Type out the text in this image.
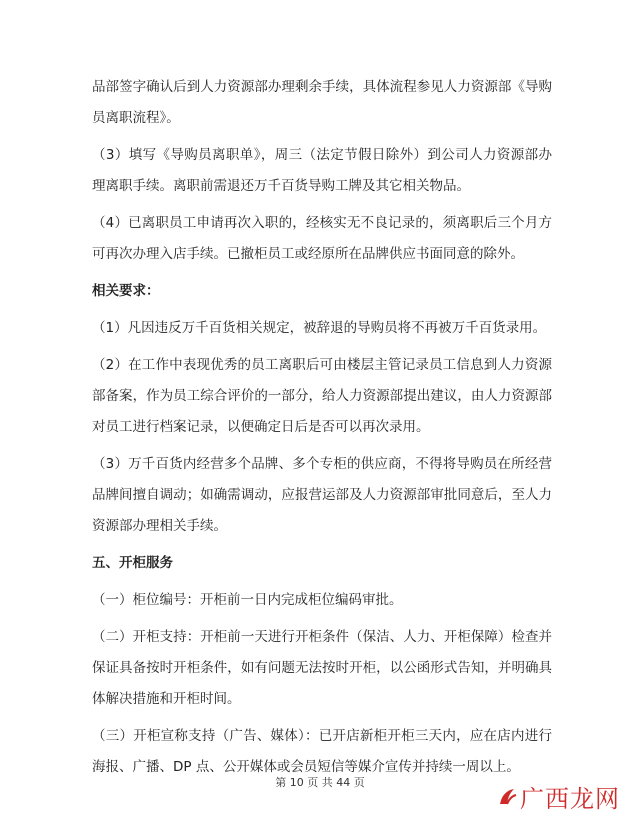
品部签字确认后到人力资源部办理剩余手续，具体流程参见人力资源部《导购员离职流程》。

（3）填写《导购员离职单》，周三（法定节假日除外）到公司人力资源部办理离职手续。离职前需退还万千百货导购工牌及其它相关物品。

（4）已离职员工申请再次入职的，经核实无不良记录的，须离职后三个月方可再次办理入店手续。已撤柜员工或经原所在品牌供应书面同意的除外。

相关要求：

（1）凡因违反万千百货相关规定，被辞退的导购员将不再被万千百货录用。

（2）在工作中表现优秀的员工离职后可由楼层主管记录员工信息到人力资源部备案，作为员工综合评价的一部分，给人力资源部提出建议，由人力资源部对员工进行档案记录，以便确定日后是否可以再次录用。

（3）万千百货内经营多个品牌、多个专柜的供应商，不得将导购员在所经营品牌间擅自调动；如确需调动，应报营运部及人力资源部审批同意后，至人力资源部办理相关手续。

五、开柜服务

（一）柜位编号：开柜前一日内完成柜位编码审批。

（二）开柜支持：开柜前一天进行开柜条件（保洁、人力、开柜保障）检查并保证具备按时开柜条件，如有问题无法按时开柜，以公函形式告知，并明确具体解决措施和开柜时间。

（三）开柜宣称支持（广告、媒体）：已开店新柜开柜三天内，应在店内进行海报、广播、DP 点、公开媒体或会员短信等媒介宣传并持续一周以上。

第 10 页 共 44 页
广西龙网
